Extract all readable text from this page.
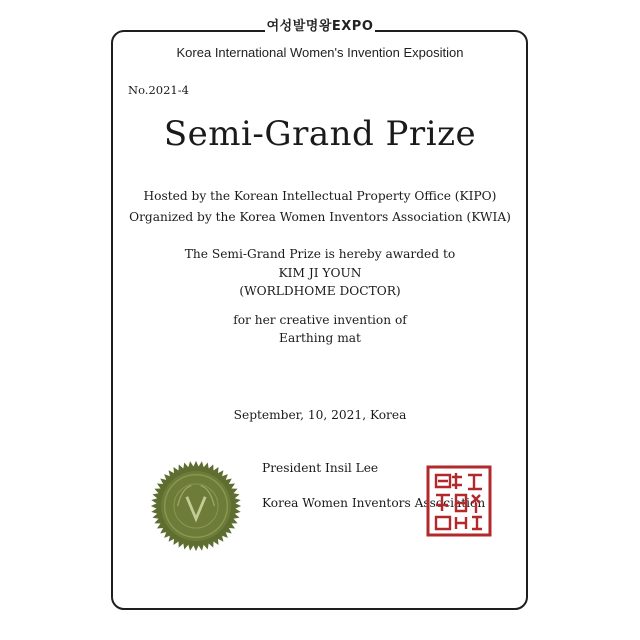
여성발명왕EXPO
Korea International Women's Invention Exposition
No.2021-4
Semi-Grand Prize
Hosted by the Korean Intellectual Property Office (KIPO)
Organized by the Korea Women Inventors Association (KWIA)
The Semi-Grand Prize is hereby awarded to
KIM JI YOUN
(WORLDHOME DOCTOR)
for her creative invention of
Earthing mat
September, 10, 2021, Korea
President Insil Lee
Korea Women Inventors Association
